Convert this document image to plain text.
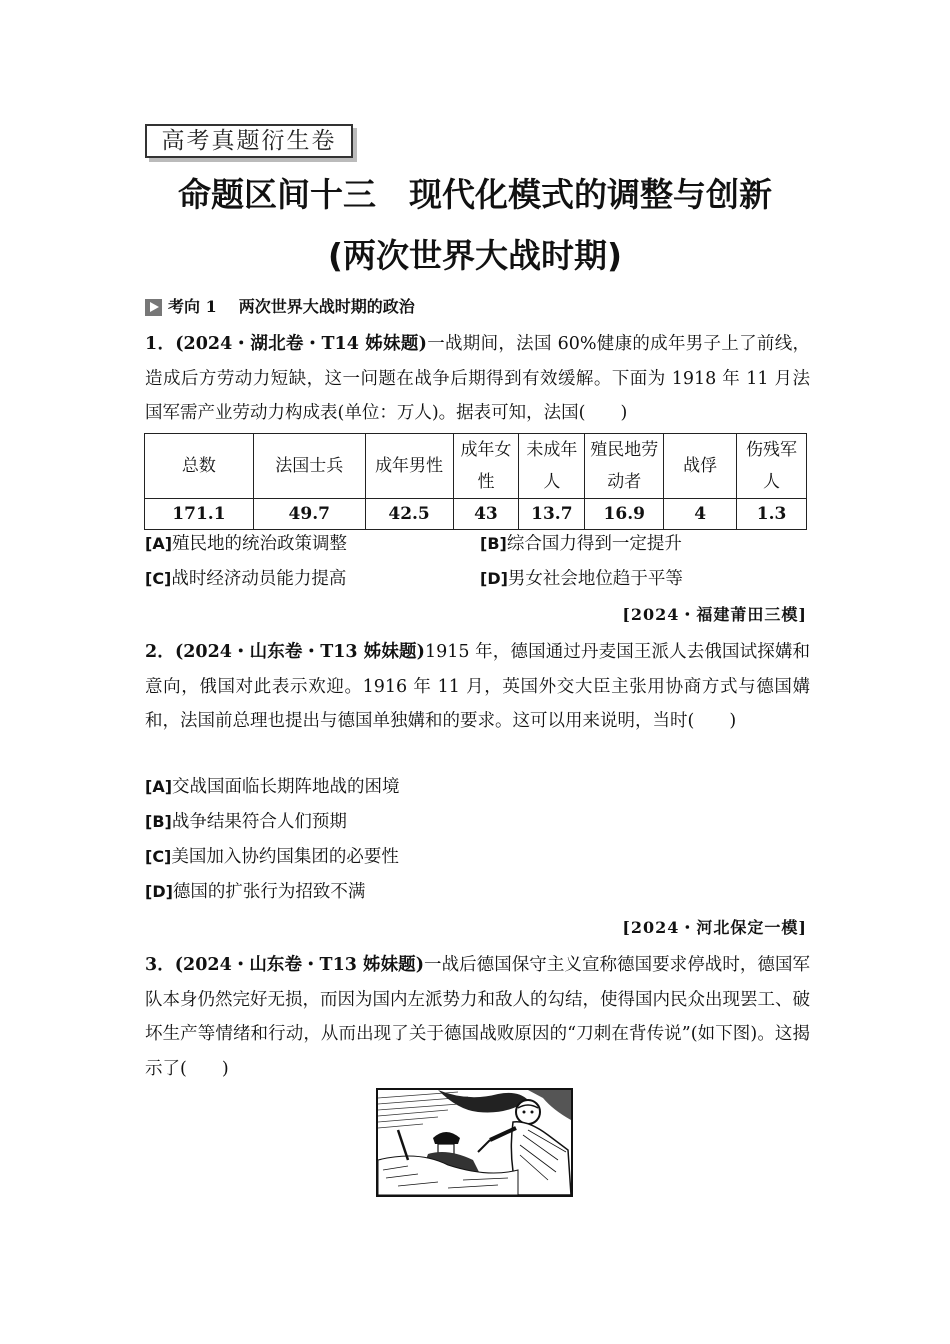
高考真题衍生卷
命题区间十三　现代化模式的调整与创新
(两次世界大战时期)
考向 1 两次世界大战时期的政治
1．(2024・湖北卷・T14 姊妹题)一战期间，法国 60%健康的成年男子上了前线，造成后方劳动力短缺，这一问题在战争后期得到有效缓解。下面为 1918 年 11 月法国军需产业劳动力构成表(单位：万人)。据表可知，法国(　　)
总数	法国士兵	成年男性	成年女性	未成年人	殖民地劳动者	战俘	伤残军人
171.1	49.7	42.5	43	13.7	16.9	4	1.3
[A]殖民地的统治政策调整	[B]综合国力得到一定提升
[C]战时经济动员能力提高	[D]男女社会地位趋于平等
[2024・福建莆田三模]
2．(2024・山东卷・T13 姊妹题)1915 年，德国通过丹麦国王派人去俄国试探媾和意向，俄国对此表示欢迎。1916 年 11 月，英国外交大臣主张用协商方式与德国媾和，法国前总理也提出与德国单独媾和的要求。这可以用来说明，当时(　　)
[A]交战国面临长期阵地战的困境
[B]战争结果符合人们预期
[C]美国加入协约国集团的必要性
[D]德国的扩张行为招致不满
[2024・河北保定一模]
3．(2024・山东卷・T13 姊妹题)一战后德国保守主义宣称德国要求停战时，德国军队本身仍然完好无损，而因为国内左派势力和敌人的勾结，使得国内民众出现罢工、破坏生产等情绪和行动，从而出现了关于德国战败原因的“刀刺在背传说”(如下图)。这揭示了(　　)
